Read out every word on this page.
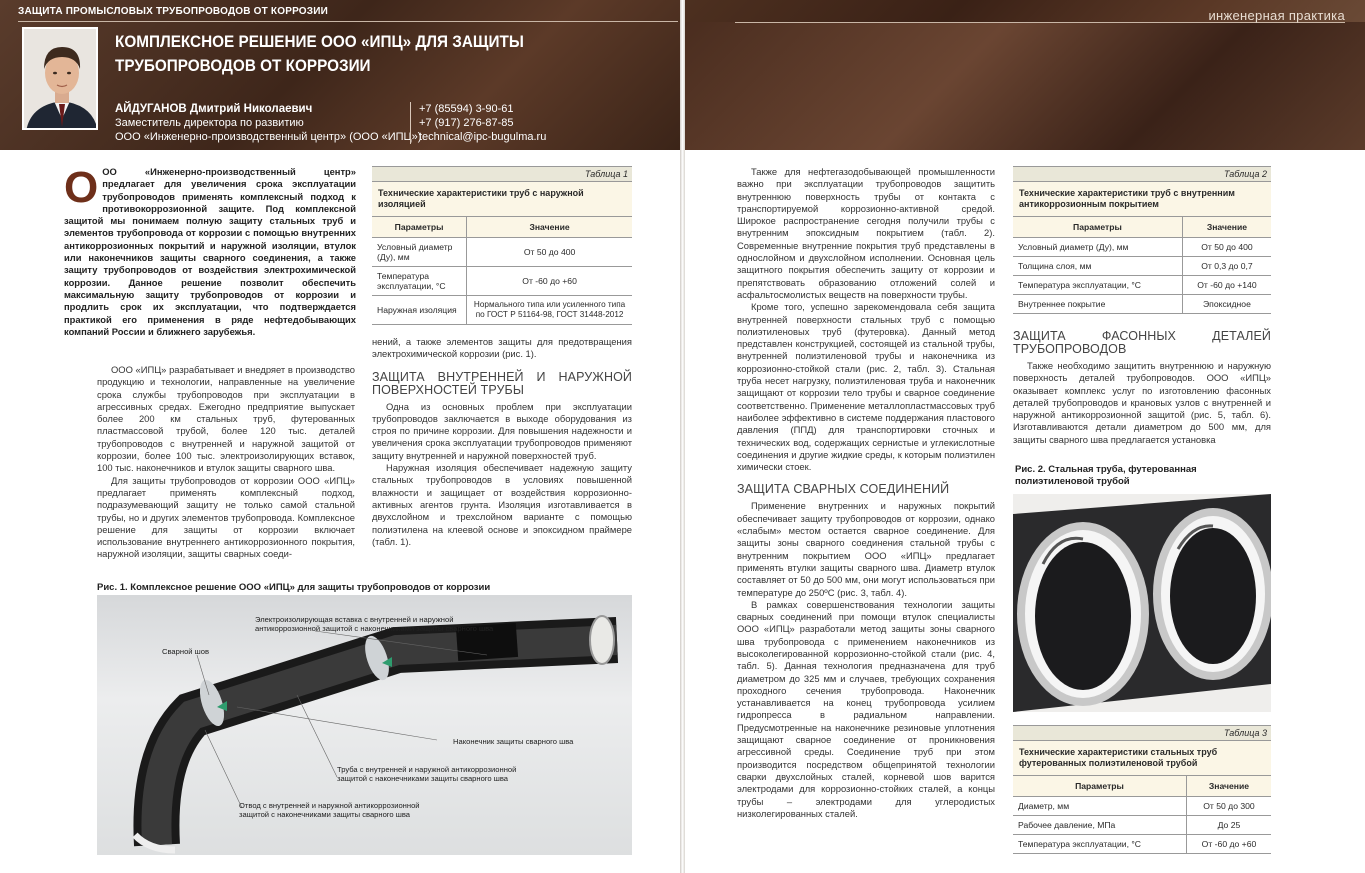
ЗАЩИТА ПРОМЫСЛОВЫХ ТРУБОПРОВОДОВ ОТ КОРРОЗИИ
КОМПЛЕКСНОЕ РЕШЕНИЕ ООО «ИПЦ» ДЛЯ ЗАЩИТЫ
ТРУБОПРОВОДОВ ОТ КОРРОЗИИ
АЙДУГАНОВ Дмитрий Николаевич
Заместитель директора по развитию
ООО «Инженерно-производственный центр» (ООО «ИПЦ»)
+7 (85594) 3-90-61
+7 (917) 276-87-85
technical@ipc-bugulma.ru
ООО «Инженерно-производственный центр» предлагает для увеличения срока эксплуатации трубопроводов применять комплексный подход к противокоррозионной защите. Под комплексной защитой мы понимаем полную защиту стальных труб и элементов трубопровода от коррозии с помощью внутренних антикоррозионных покрытий и наружной изоляции, втулок или наконечников защиты сварного соединения, а также защиту трубопроводов от воздействия электрохимической коррозии. Данное решение позволит обеспечить максимальную защиту трубопроводов от коррозии и продлить срок их эксплуатации, что подтверждается практикой его применения в ряде нефтедобывающих компаний России и ближнего зарубежья.

ООО «ИПЦ» разрабатывает и внедряет в производство продукцию и технологии, направленные на увеличение срока службы трубопроводов при эксплуатации в агрессивных средах. Ежегодно предприятие выпускает более 200 км стальных труб, футерованных пластмассовой трубой, более 120 тыс. деталей трубопроводов с внутренней и наружной защитой от коррозии, более 100 тыс. электроизолирующих вставок, 100 тыс. наконечников и втулок защиты сварного шва.

Для защиты трубопроводов от коррозии ООО «ИПЦ» предлагает применять комплексный подход, подразумевающий защиту не только самой стальной трубы, но и других элементов трубопровода. Комплексное решение для защиты от коррозии включает использование внутреннего антикоррозионного покрытия, наружной изоляции, защиты сварных соеди-

Таблица 1
Технические характеристики труб с наружной изоляцией
Параметры	Значение
Условный диаметр (Ду), мм	От 50 до 400
Температура эксплуатации, °С	От -60 до +60
Наружная изоляция	Нормального типа или усиленного типа по ГОСТ Р 51164-98, ГОСТ 31448-2012
нений, а также элементов защиты для предотвращения электрохимической коррозии (рис. 1).
ЗАЩИТА ВНУТРЕННЕЙ И НАРУЖНОЙ ПОВЕРХНОСТЕЙ ТРУБЫ

Одна из основных проблем при эксплуатации трубопроводов заключается в выходе оборудования из строя по причине коррозии. Для повышения надежности и увеличения срока эксплуатации трубопроводов применяют защиту внутренней и наружной поверхностей труб.

Наружная изоляция обеспечивает надежную защиту стальных трубопроводов в условиях повышенной влажности и защищает от воздействия коррозионно-активных агентов грунта. Изоляция изготавливается в двухслойном и трехслойном варианте с помощью полиэтилена на клеевой основе и эпоксидном праймере (табл. 1).

Рис. 1. Комплексное решение ООО «ИПЦ» для защиты трубопроводов от коррозии
Электроизолирующая вставка с внутренней и наружной антикоррозионной защитой с наконечниками защиты сварного шва
Сварной шов
Наконечник защиты сварного шва
Труба с внутренней и наружной антикоррозионной защитой с наконечниками защиты сварного шва
Отвод с внутренней и наружной антикоррозионной защитой с наконечниками защиты сварного шва
инженерная практика

Также для нефтегазодобывающей промышленности важно при эксплуатации трубопроводов защитить внутреннюю поверхность трубы от контакта с транспортируемой коррозионно-активной средой. Широкое распространение сегодня получили трубы с внутренним эпоксидным покрытием (табл. 2). Современные внутренние покрытия труб представлены в однослойном и двухслойном исполнении. Основная цель защитного покрытия обеспечить защиту от коррозии и препятствовать образованию отложений солей и асфальтосмолистых веществ на поверхности трубы.

Кроме того, успешно зарекомендовала себя защита внутренней поверхности стальных труб с помощью полиэтиленовых труб (футеровка). Данный метод представлен конструкцией, состоящей из стальной трубы, внутренней полиэтиленовой трубы и наконечника из коррозионно-стойкой стали (рис. 2, табл. 3). Стальная труба несет нагрузку, полиэтиленовая труба и наконечник защищают от коррозии тело трубы и сварное соединение соответственно. Применение металлопластмассовых труб наиболее эффективно в системе поддержания пластового давления (ППД) для транспортировки сточных и технических вод, содержащих сернистые и углекислотные соединения и другие жидкие среды, к которым полиэтилен химически стоек.

ЗАЩИТА СВАРНЫХ СОЕДИНЕНИЙ

Применение внутренних и наружных покрытий обеспечивает защиту трубопроводов от коррозии, однако «слабым» местом остается сварное соединение. Для защиты зоны сварного соединения стальной трубы с внутренним покрытием ООО «ИПЦ» предлагает применять втулки защиты сварного шва. Диаметр втулок составляет от 50 до 500 мм, они могут использоваться при температуре до 250ºС (рис. 3, табл. 4).

В рамках совершенствования технологии защиты сварных соединений при помощи втулок специалисты ООО «ИПЦ» разработали метод защиты зоны сварного шва трубопровода с применением наконечников из высоколегированной коррозионно-стойкой стали (рис. 4, табл. 5). Данная технология предназначена для труб диаметром до 325 мм и случаев, требующих сохранения проходного сечения трубопровода. Наконечник устанавливается на конец трубопровода усилием гидропресса в радиальном направлении. Предусмотренные на наконечнике резиновые уплотнения защищают сварное соединение от проникновения агрессивной среды. Соединение труб при этом производится посредством общепринятой технологии сварки двухслойных сталей, корневой шов варится электродами для коррозионно-стойких сталей, а концы трубы – электродами для углеродистых низколегированных сталей.

Таблица 2
Технические характеристики труб с внутренним антикоррозионным покрытием
Параметры	Значение
Условный диаметр (Ду), мм	От 50 до 400
Толщина слоя, мм	От 0,3 до 0,7
Температура эксплуатации, °С	От -60 до +140
Внутреннее покрытие	Эпоксидное
ЗАЩИТА ФАСОННЫХ ДЕТАЛЕЙ ТРУБОПРОВОДОВ

Также необходимо защитить внутреннюю и наружную поверхность деталей трубопроводов. ООО «ИПЦ» оказывает комплекс услуг по изготовлению фасонных деталей трубопроводов и крановых узлов с внутренней и наружной антикоррозионной защитой (рис. 5, табл. 6). Изготавливаются детали диаметром до 500 мм, для защиты сварного шва предлагается установка

Рис. 2. Стальная труба, футерованная полиэтиленовой трубой
Таблица 3
Технические характеристики стальных труб футерованных полиэтиленовой трубой
Параметры	Значение
Диаметр, мм	От 50 до 300
Рабочее давление, МПа	До 25
Температура эксплуатации, °С	От -60 до +60
